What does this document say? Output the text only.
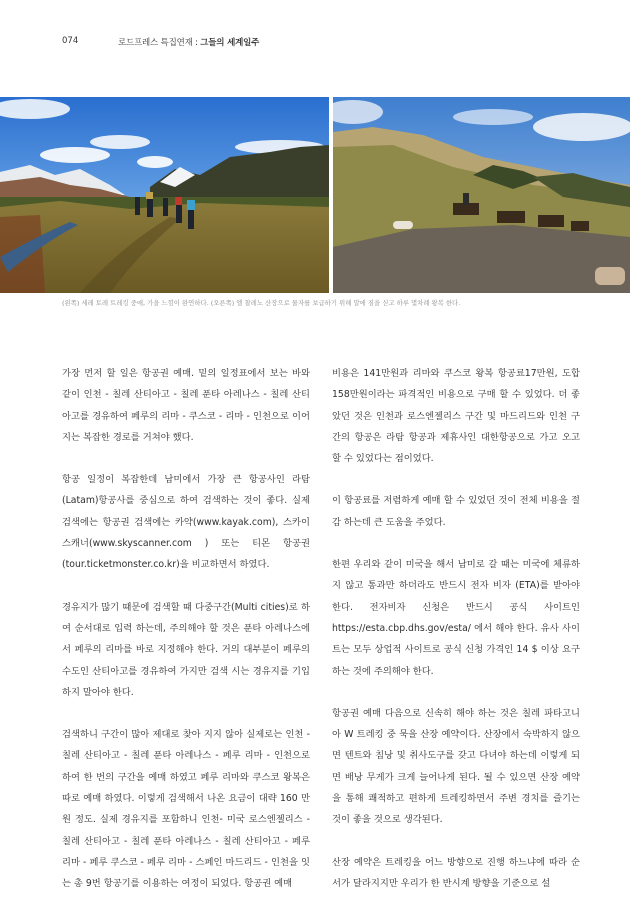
074	로드프레스 특집연재 : 그들의 세계일주
(왼쪽) 세레 토레 트레킹 중에, 가을 느낌이 완연하다. (오른쪽) 엘 찰레노 산장으로 물자를 보급하기 위해 말에 짐을 싣고 하루 몇차례 왕복 한다.

가장 먼저 할 일은 항공권 예매. 밑의 일정표에서 보는 바와 같이 인천 - 칠레 산티아고 - 칠레 푼타 아레나스 - 칠레 산티아고를 경유하여 페루의 리마 - 쿠스코 - 리마 - 인천으로 이어지는 복잡한 경로를 거쳐야 했다.

항공 일정이 복잡한데 남미에서 가장 큰 항공사인 라탐(Latam)항공사를 중심으로 하여 검색하는 것이 좋다. 실제 검색에는 항공권 검색에는 카약(www.kayak.com), 스카이 스캐너(www.skyscanner.com ) 또는 티몬 항공권(tour.ticketmonster.co.kr)을 비교하면서 하였다.

경유지가 많기 때문에 검색할 때 다중구간(Multi cities)로 하여 순서대로 입력 하는데, 주의해야 할 것은 푼타 아레나스에서 페루의 리마를 바로 지정해야 한다. 거의 대부분이 페루의 수도인 산티아고를 경유하여 가지만 검색 시는 경유지를 기입하지 말아야 한다.

검색하니 구간이 많아 제대로 찾아 지지 않아 실제로는 인천 - 칠레 산티아고 - 칠레 푼타 아레나스 - 페루 리마 - 인천으로 하여 한 번의 구간을 예매 하였고 페루 리마와 쿠스코 왕복은 따로 예매 하였다. 이렇게 검색해서 나온 요금이 대략 160 만원 정도. 실제 경유지를 포함하니 인천- 미국 로스엔젤리스 - 칠레 산티아고 - 칠레 푼타 아레나스 - 칠레 산티아고 - 페루 리마 - 페루 쿠스코 - 페루 리마 - 스페인 마드리드 - 인천을 잇는 총 9번 항공기를 이용하는 여정이 되었다. 항공권 예매

비용은 141만원과 리마와 쿠스코 왕복 항공료17만원, 도합 158만원이라는 파격적인 비용으로 구매 할 수 있었다. 더 좋았던 것은 인천과 로스엔젤리스 구간 및 마드리드와 인천 구간의 항공은 라탐 항공과 제휴사인 대한항공으로 가고 오고 할 수 있었다는 점이었다.

이 항공료를 저렴하게 예매 할 수 있었던 것이 전체 비용을 절감 하는데 큰 도움을 주었다.

한편 우리와 같이 미국을 해서 남미로 갈 때는 미국에 체류하지 않고 통과만 하더라도 반드시 전자 비자 (ETA)를 받아야 한다. 전자비자 신청은 반드시 공식 사이트인 https://esta.cbp.dhs.gov/esta/ 에서 해야 한다. 유사 사이트는 모두 상업적 사이트로 공식 신청 가격인 14 $ 이상 요구하는 것에 주의해야 한다.

항공권 예매 다음으로 신속히 해야 하는 것은 칠레 파타고니아 W 트레킹 중 묵을 산장 예약이다. 산장에서 숙박하지 않으면 텐트와 침낭 및 취사도구를 갖고 다녀야 하는데 이렇게 되면 배낭 무게가 크게 늘어나게 된다. 될 수 있으면 산장 예약을 통해 쾌적하고 편하게 트레킹하면서 주변 경치를 즐기는 것이 좋을 것으로 생각된다.

산장 예약은 트레킹을 어느 방향으로 진행 하느냐에 따라 순서가 달라지지만 우리가 한 반시계 방향을 기준으로 설
